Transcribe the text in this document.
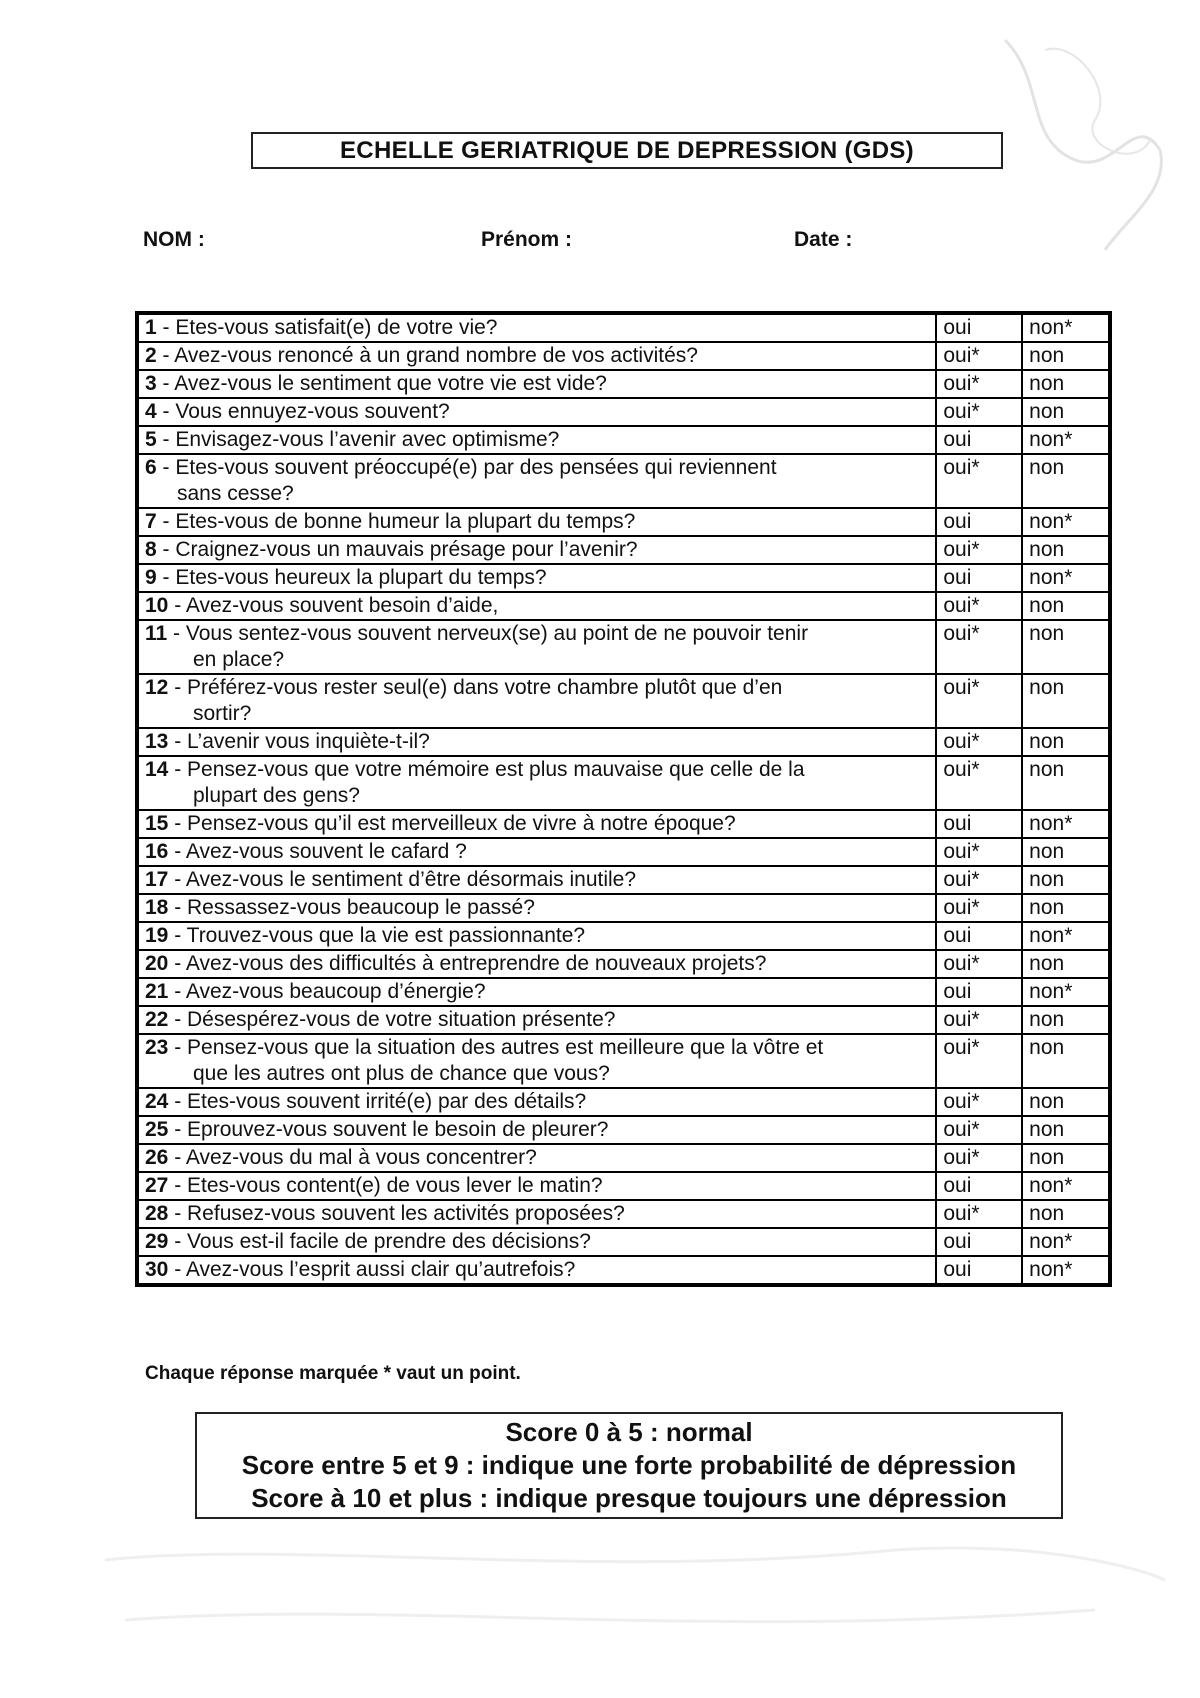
ECHELLE GERIATRIQUE DE DEPRESSION (GDS)
NOM :	Prénom :	Date :
1 - Etes-vous satisfait(e) de votre vie?	oui	non*
2 - Avez-vous renoncé à un grand nombre de vos activités?	oui*	non
3 - Avez-vous le sentiment que votre vie est vide?	oui*	non
4 - Vous ennuyez-vous souvent?	oui*	non
5 - Envisagez-vous l’avenir avec optimisme?	oui	non*
6 - Etes-vous souvent préoccupé(e) par des pensées qui reviennent
sans cesse?	oui*	non
7 - Etes-vous de bonne humeur la plupart du temps?	oui	non*
8 - Craignez-vous un mauvais présage pour l’avenir?	oui*	non
9 - Etes-vous heureux la plupart du temps?	oui	non*
10 - Avez-vous souvent besoin d’aide,	oui*	non
11 - Vous sentez-vous souvent nerveux(se) au point de ne pouvoir tenir
en place?	oui*	non
12 - Préférez-vous rester seul(e) dans votre chambre plutôt que d’en
sortir?	oui*	non
13 - L’avenir vous inquiète-t-il?	oui*	non
14 - Pensez-vous que votre mémoire est plus mauvaise que celle de la
plupart des gens?	oui*	non
15 - Pensez-vous qu’il est merveilleux de vivre à notre époque?	oui	non*
16 - Avez-vous souvent le cafard ?	oui*	non
17 - Avez-vous le sentiment d’être désormais inutile?	oui*	non
18 - Ressassez-vous beaucoup le passé?	oui*	non
19 - Trouvez-vous que la vie est passionnante?	oui	non*
20 - Avez-vous des difficultés à entreprendre de nouveaux projets?	oui*	non
21 - Avez-vous beaucoup d’énergie?	oui	non*
22 - Désespérez-vous de votre situation présente?	oui*	non
23 - Pensez-vous que la situation des autres est meilleure que la vôtre et
que les autres ont plus de chance que vous?	oui*	non
24 - Etes-vous souvent irrité(e) par des détails?	oui*	non
25 - Eprouvez-vous souvent le besoin de pleurer?	oui*	non
26 - Avez-vous du mal à vous concentrer?	oui*	non
27 - Etes-vous content(e) de vous lever le matin?	oui	non*
28 - Refusez-vous souvent les activités proposées?	oui*	non
29 - Vous est-il facile de prendre des décisions?	oui	non*
30 - Avez-vous l’esprit aussi clair qu’autrefois?	oui	non*
Chaque réponse marquée * vaut un point.
Score 0 à 5 : normal
Score entre 5 et 9 : indique une forte probabilité de dépression
Score à 10 et plus : indique presque toujours une dépression
